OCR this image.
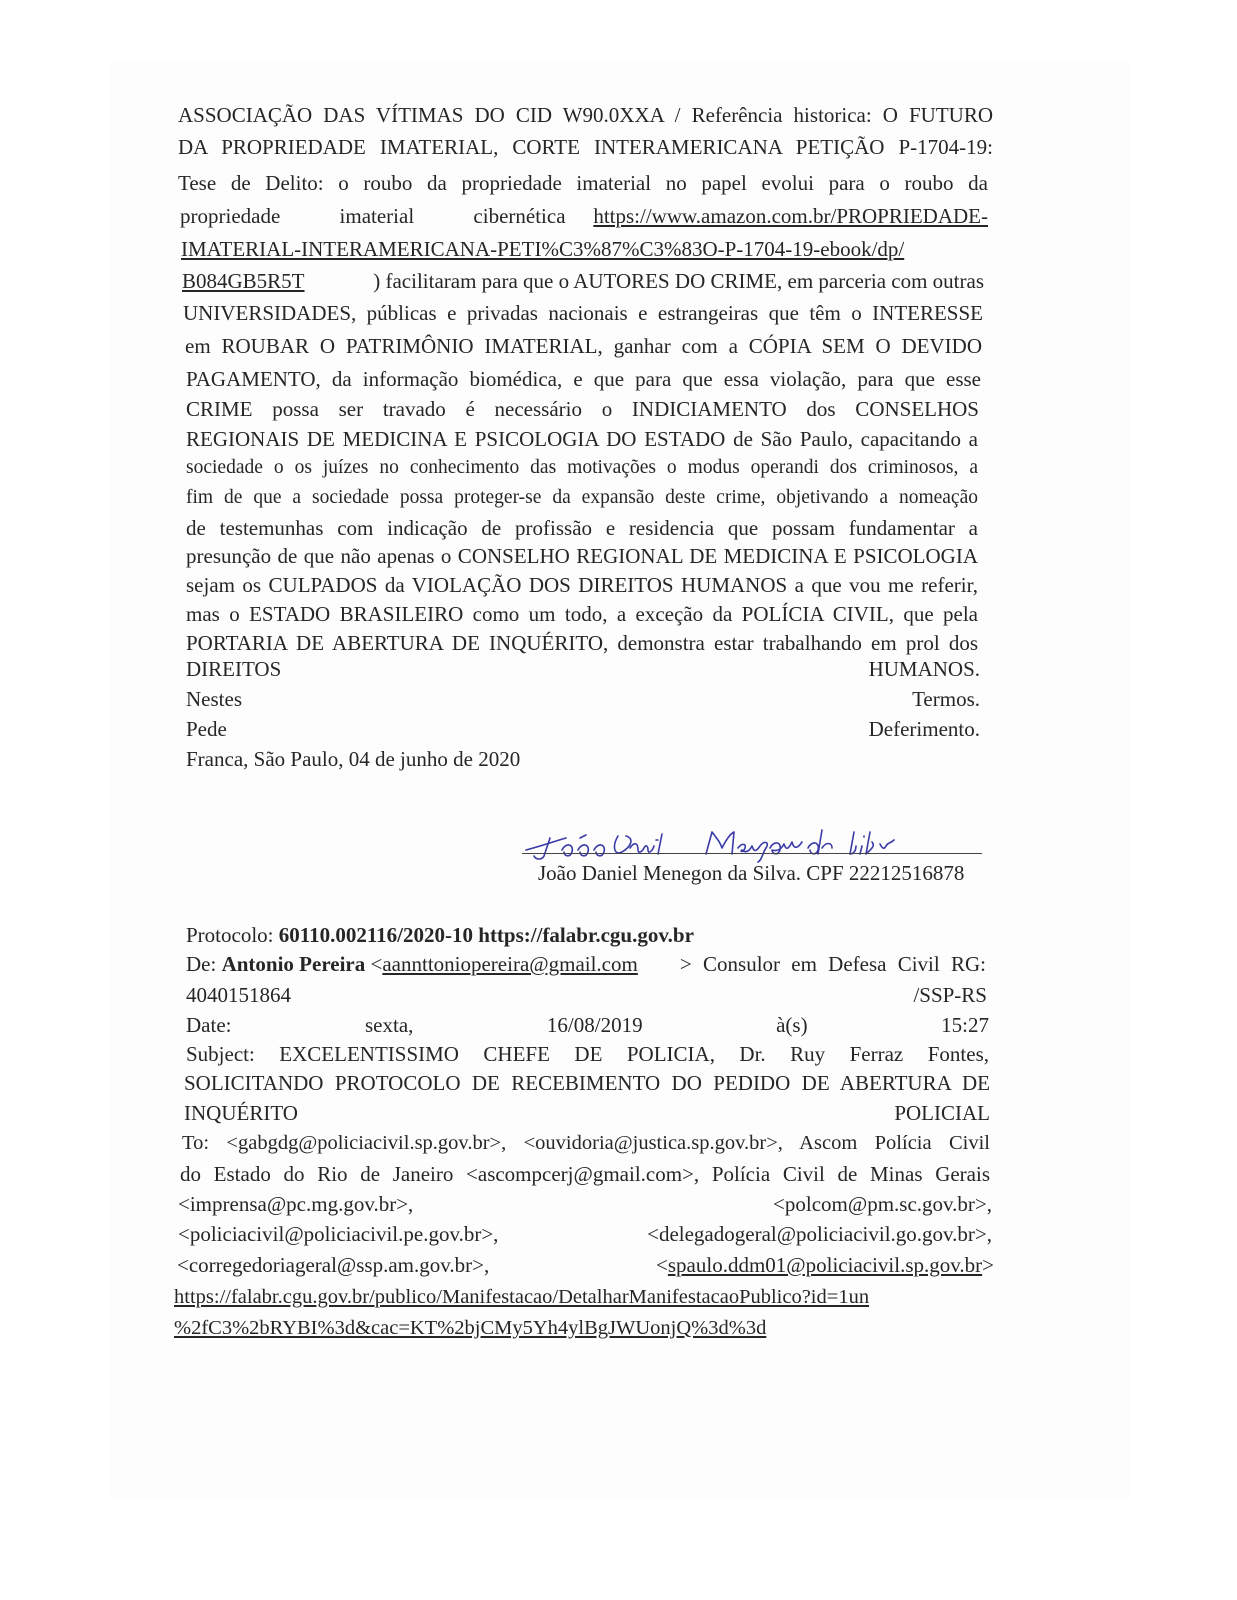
ASSOCIAÇÃO DAS VÍTIMAS DO CID W90.0XXA / Referência historica: O FUTURO
DA PROPRIEDADE IMATERIAL, CORTE INTERAMERICANA PETIÇÃO P-1704-19:
Tese de Delito: o roubo da propriedade imaterial no papel evolui para o roubo da
propriedade imaterial cibernética https://www.amazon.com.br/PROPRIEDADE-
IMATERIAL-INTERAMERICANA-PETI%C3%87%C3%83O-P-1704-19-ebook/dp/
B084GB5R5T	) facilitaram para que o AUTORES DO CRIME, em parceria com outras
UNIVERSIDADES, públicas e privadas nacionais e estrangeiras que têm o INTERESSE
em ROUBAR O PATRIMÔNIO IMATERIAL, ganhar com a CÓPIA SEM O DEVIDO
PAGAMENTO, da informação biomédica, e que para que essa violação, para que esse
CRIME possa ser travado é necessário o INDICIAMENTO dos CONSELHOS
REGIONAIS DE MEDICINA E PSICOLOGIA DO ESTADO de São Paulo, capacitando a
sociedade o os juízes no conhecimento das motivações o modus operandi dos criminosos, a
fim de que a sociedade possa proteger-se da expansão deste crime, objetivando a nomeação
de testemunhas com indicação de profissão e residencia que possam fundamentar a
presunção de que não apenas o CONSELHO REGIONAL DE MEDICINA E PSICOLOGIA
sejam os CULPADOS da VIOLAÇÃO DOS DIREITOS HUMANOS a que vou me referir,
mas o ESTADO BRASILEIRO como um todo, a exceção da POLÍCIA CIVIL, que pela
PORTARIA DE ABERTURA DE INQUÉRITO, demonstra estar trabalhando em prol dos
DIREITOS	HUMANOS.
Nestes	Termos.
Pede	Deferimento.
Franca, São Paulo, 04 de junho de 2020
João Daniel Menegon da Silva. CPF 22212516878
Protocolo: 60110.002116/2020-10 https://falabr.cgu.gov.br
De: Antonio Pereira <aannttoniopereira@gmail.com > Consulor em Defesa Civil RG:
4040151864	/SSP-RS
Date:	sexta,	16/08/2019	à(s)	15:27
Subject: EXCELENTISSIMO CHEFE DE POLICIA, Dr. Ruy Ferraz Fontes,
SOLICITANDO PROTOCOLO DE RECEBIMENTO DO PEDIDO DE ABERTURA DE
INQUÉRITO	POLICIAL
To: <gabgdg@policiacivil.sp.gov.br>, <ouvidoria@justica.sp.gov.br>, Ascom Polícia Civil
do Estado do Rio de Janeiro <ascompcerj@gmail.com>, Polícia Civil de Minas Gerais
<imprensa@pc.mg.gov.br>,	<polcom@pm.sc.gov.br>,
<policiacivil@policiacivil.pe.gov.br>,	<delegadogeral@policiacivil.go.gov.br>,
<corregedoriageral@ssp.am.gov.br>,	<spaulo.ddm01@policiacivil.sp.gov.br>
https://falabr.cgu.gov.br/publico/Manifestacao/DetalharManifestacaoPublico?id=1un
%2fC3%2bRYBI%3d&cac=KT%2bjCMy5Yh4ylBgJWUonjQ%3d%3d
